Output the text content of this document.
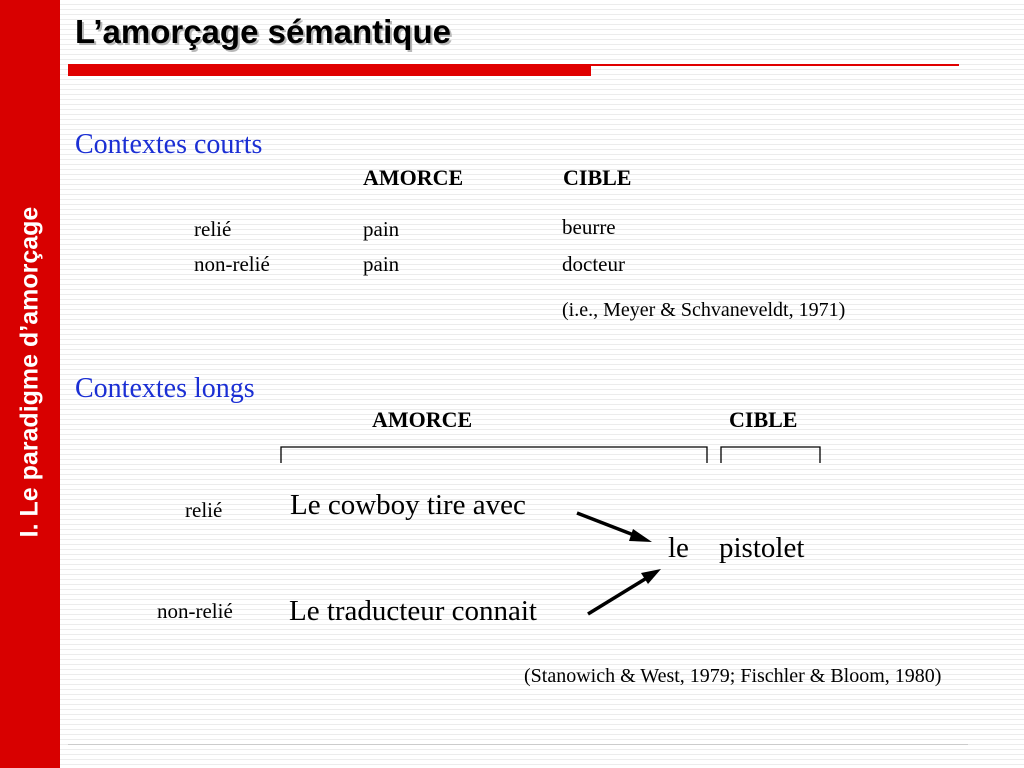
I. Le paradigme d’amorçage
L’amorçage sémantique
Contextes courts
AMORCE	CIBLE
relié	pain	beurre
non-relié	pain	docteur
(i.e., Meyer & Schvaneveldt, 1971)
Contextes longs
AMORCE	CIBLE
relié Le cowboy tire avec
le pistolet
non-relié Le traducteur connait
(Stanowich & West, 1979; Fischler & Bloom, 1980)
